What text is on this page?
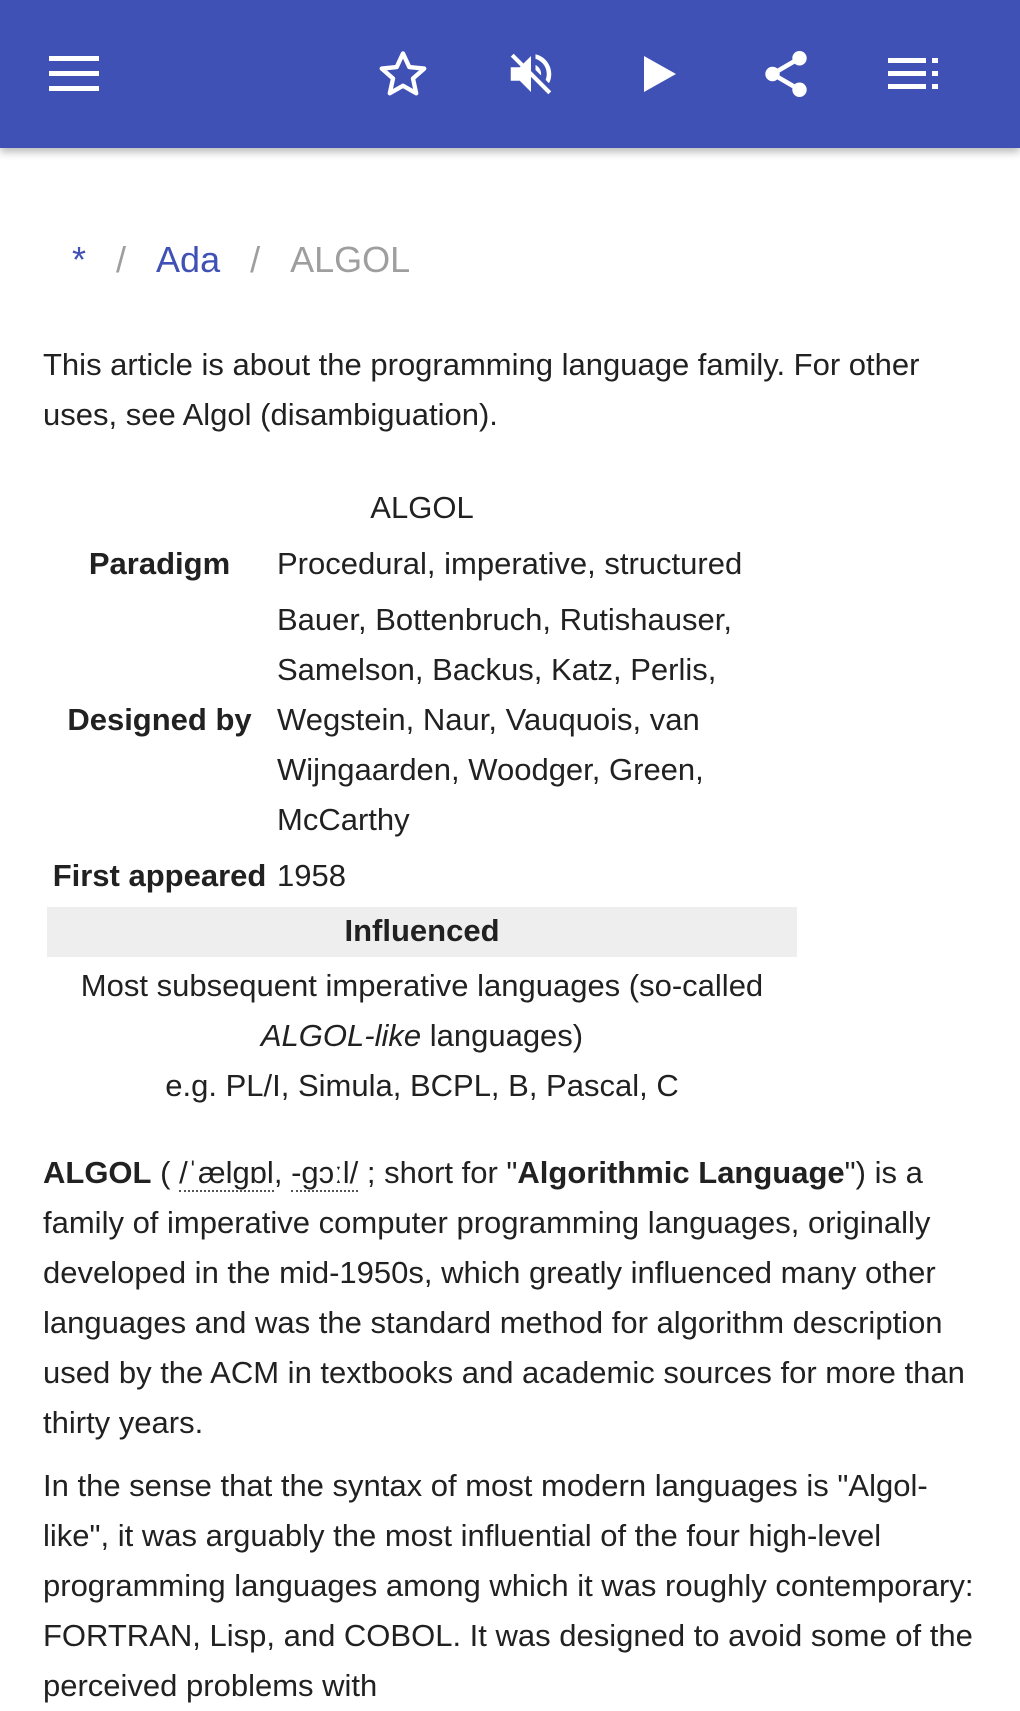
* / Ada / ALGOL

This article is about the programming language family. For other uses, see Algol (disambiguation).

ALGOL
Paradigm	Procedural, imperative, structured
Designed by
Bauer, Bottenbruch, Rutishauser, Samelson, Backus, Katz, Perlis, Wegstein, Naur, Vauquois, van Wijngaarden, Woodger, Green, McCarthy
First appeared 1958
Influenced
Most subsequent imperative languages (so-called ALGOL-like languages)
e.g. PL/I, Simula, BCPL, B, Pascal, C

ALGOL ( /ˈælɡɒl, -ɡɔːl/ ; short for "Algorithmic Language") is a family of imperative computer programming languages, originally developed in the mid-1950s, which greatly influenced many other languages and was the standard method for algorithm description used by the ACM in textbooks and academic sources for more than thirty years.

In the sense that the syntax of most modern languages is "Algol-like", it was arguably the most influential of the four high-level programming languages among which it was roughly contemporary: FORTRAN, Lisp, and COBOL. It was designed to avoid some of the perceived problems with
